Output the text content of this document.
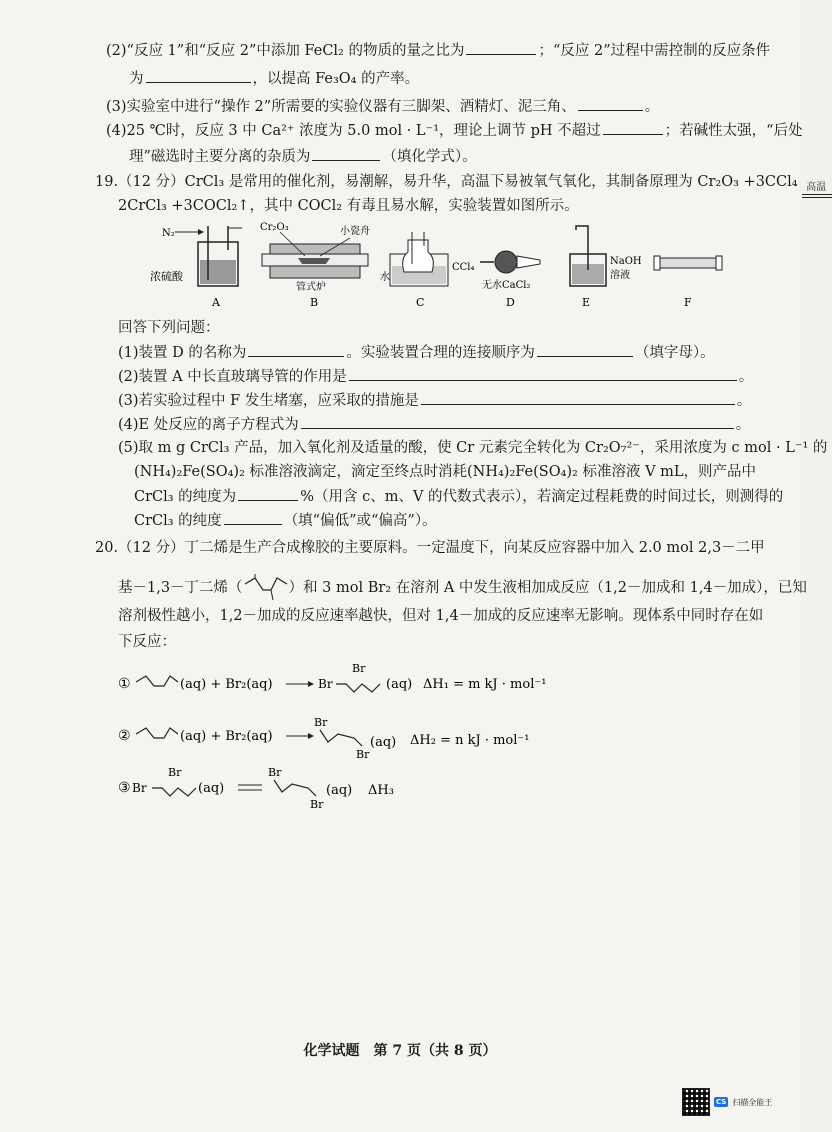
(2)“反应 1”和“反应 2”中添加 FeCl₂ 的物质的量之比为	；“反应 2”过程中需控制的反应条件
为	，以提高 Fe₃O₄ 的产率。
(3)实验室中进行“操作 2”所需要的实验仪器有三脚架、酒精灯、泥三角、	。
(4)25 ℃时，反应 3 中 Ca²⁺ 浓度为 5.0 mol · L⁻¹，理论上调节 pH 不超过	；若碱性太强，“后处
理”磁选时主要分离的杂质为	（填化学式）。
19.（12 分）CrCl₃ 是常用的催化剂，易潮解，易升华，高温下易被氧气氧化，其制备原理为 Cr₂O₃ +3CCl₄ 高温
2CrCl₃ +3COCl₂↑，其中 COCl₂ 有毒且易水解，实验装置如图所示。
N₂
浓硫酸
A
Cr₂O₃	小瓷舟
管式炉
B
水
CCl₄
C
无水CaCl₂
D
NaOH
溶液
E	F
回答下列问题：
(1)装置 D 的名称为	。实验装置合理的连接顺序为	（填字母）。
(2)装置 A 中长直玻璃导管的作用是	。
(3)若实验过程中 F 发生堵塞，应采取的措施是	。
(4)E 处反应的离子方程式为	。
(5)取 m g CrCl₃ 产品，加入氧化剂及适量的酸，使 Cr 元素完全转化为 Cr₂O₇²⁻，采用浓度为 c mol · L⁻¹ 的
(NH₄)₂Fe(SO₄)₂ 标准溶液滴定，滴定至终点时消耗(NH₄)₂Fe(SO₄)₂ 标准溶液 V mL，则产品中
CrCl₃ 的纯度为	%（用含 c、m、V 的代数式表示），若滴定过程耗费的时间过长，则测得的
CrCl₃ 的纯度	（填“偏低”或“偏高”）。
20.（12 分）丁二烯是生产合成橡胶的主要原料。一定温度下，向某反应容器中加入 2.0 mol 2,3－二甲
基－1,3－丁二烯（	）和 3 mol Br₂ 在溶剂 A 中发生液相加成反应（1,2－加成和 1,4－加成），已知
溶剂极性越小，1,2－加成的反应速率越快，但对 1,4－加成的反应速率无影响。现体系中同时存在如
下反应：
①	(aq) + Br₂(aq)	Br
Br
(aq) ΔH₁ = m kJ · mol⁻¹
②	(aq) + Br₂(aq)
Br
Br
(aq) ΔH₂ = n kJ · mol⁻¹
③ Br
Br
(aq)
Br
Br
(aq) ΔH₃
化学试题　第 7 页（共 8 页）
CS 扫描全能王
